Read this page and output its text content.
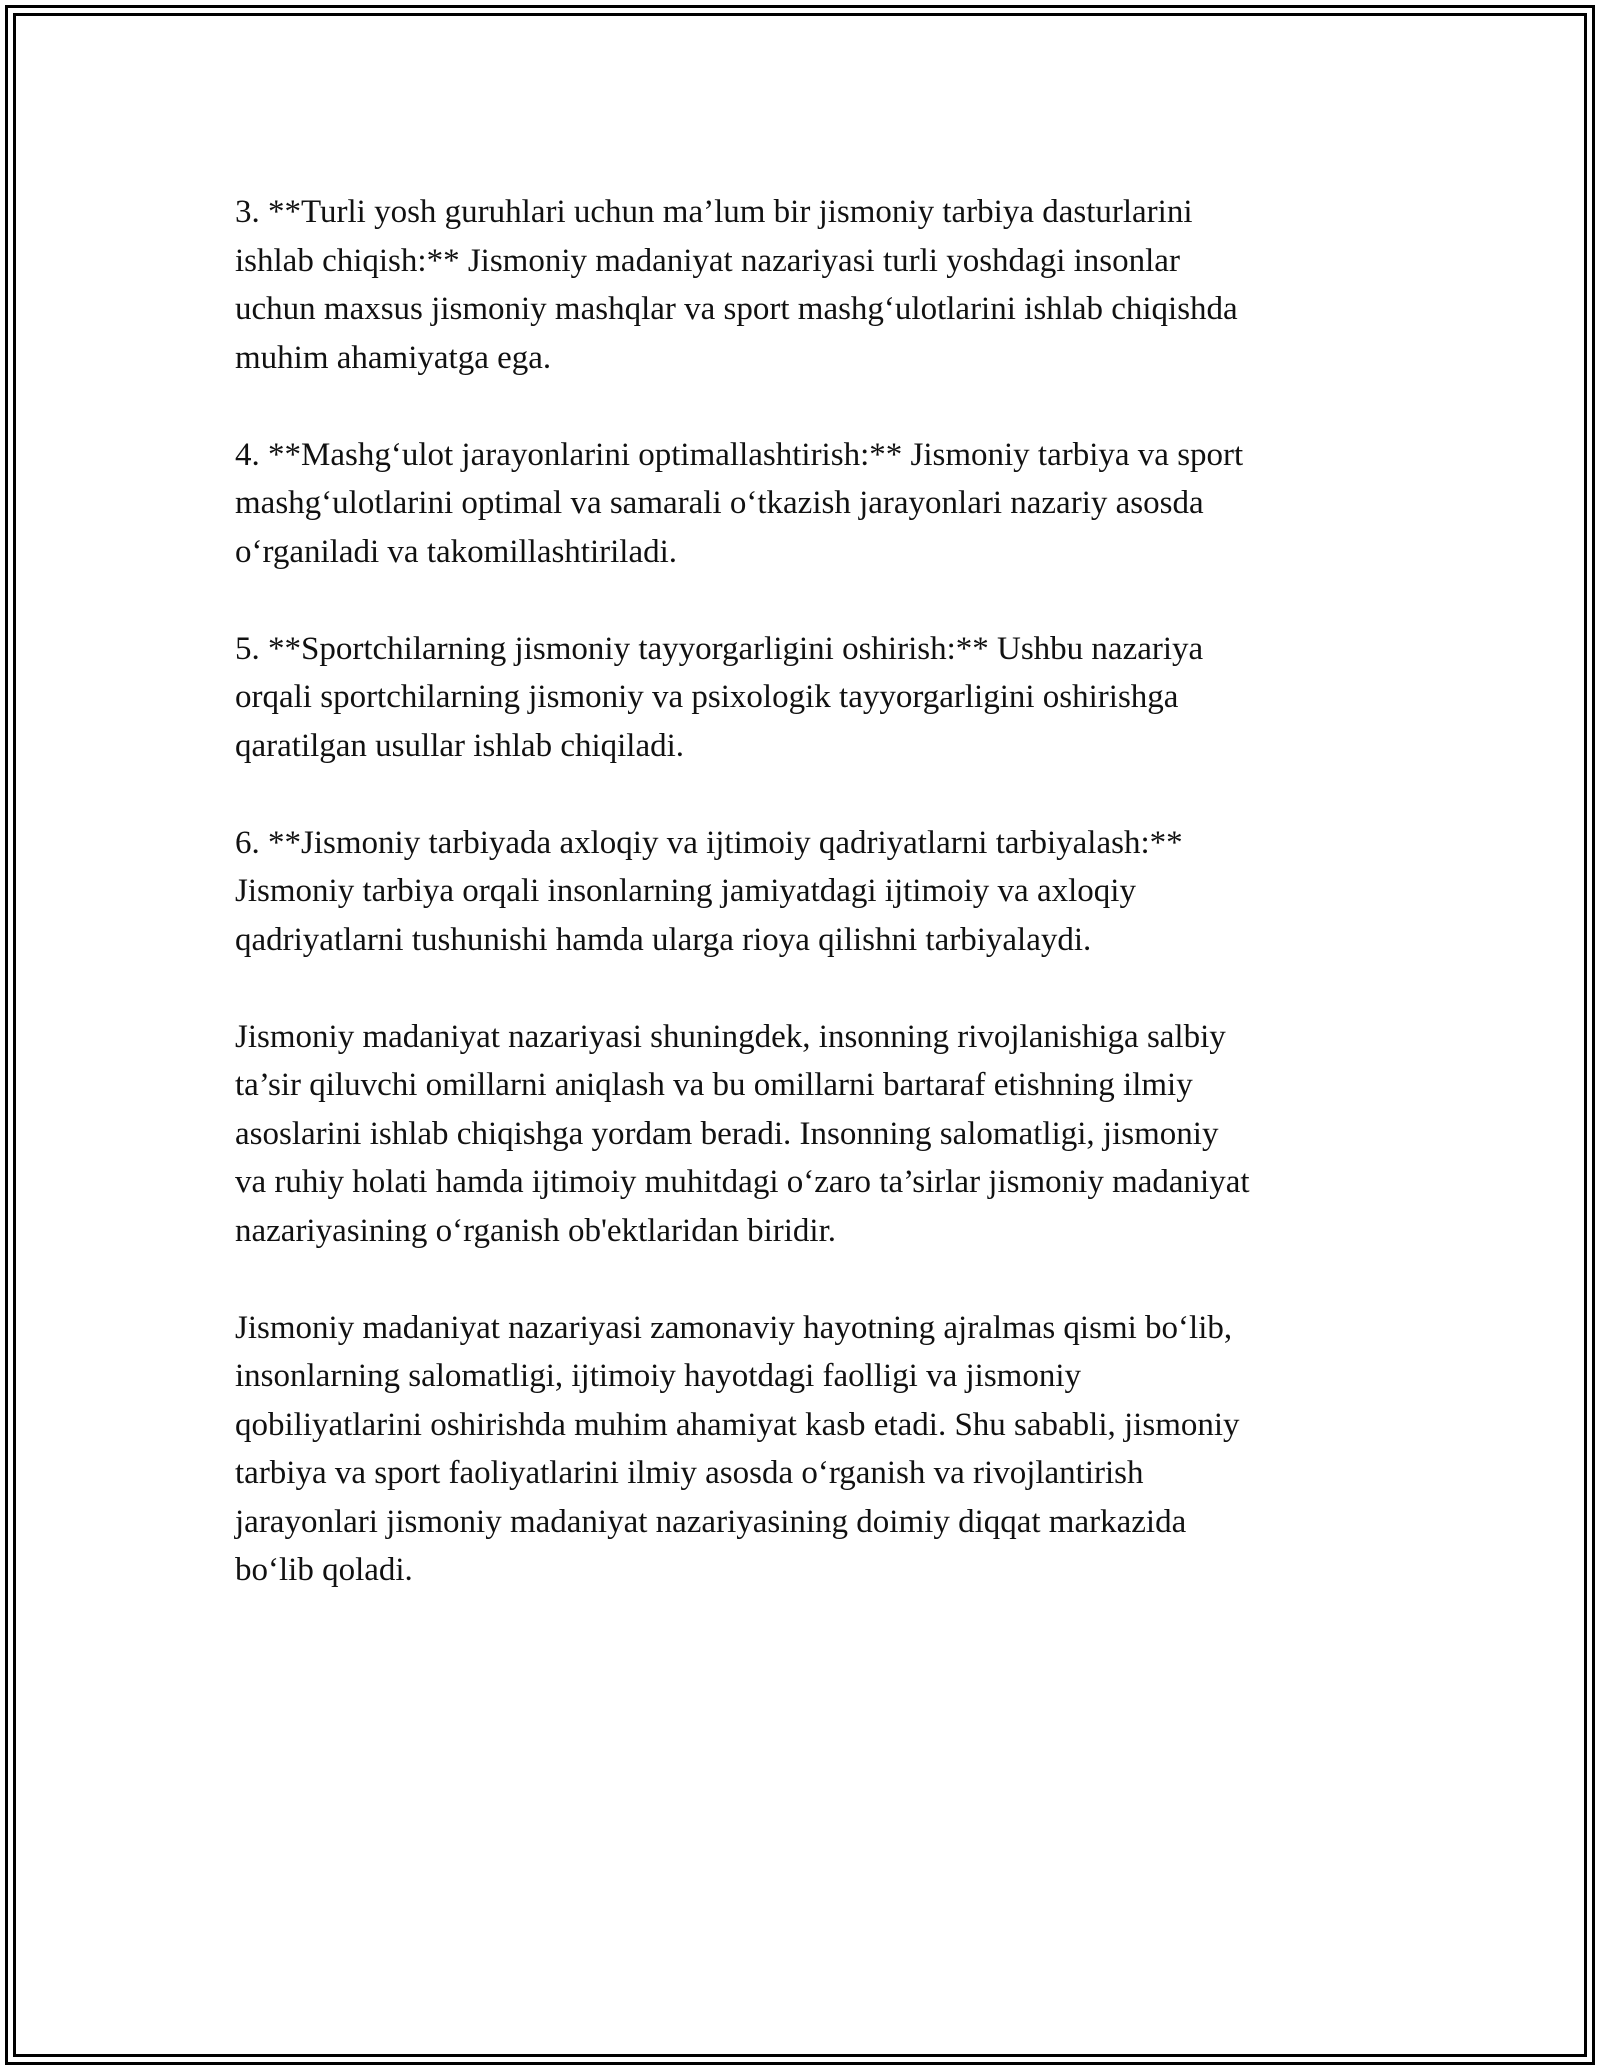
3. **Turli yosh guruhlari uchun ma’lum bir jismoniy tarbiya dasturlarini
ishlab chiqish:** Jismoniy madaniyat nazariyasi turli yoshdagi insonlar
uchun maxsus jismoniy mashqlar va sport mashg‘ulotlarini ishlab chiqishda
muhim ahamiyatga ega.

4. **Mashg‘ulot jarayonlarini optimallashtirish:** Jismoniy tarbiya va sport
mashg‘ulotlarini optimal va samarali o‘tkazish jarayonlari nazariy asosda
o‘rganiladi va takomillashtiriladi.

5. **Sportchilarning jismoniy tayyorgarligini oshirish:** Ushbu nazariya
orqali sportchilarning jismoniy va psixologik tayyorgarligini oshirishga
qaratilgan usullar ishlab chiqiladi.

6. **Jismoniy tarbiyada axloqiy va ijtimoiy qadriyatlarni tarbiyalash:**
Jismoniy tarbiya orqali insonlarning jamiyatdagi ijtimoiy va axloqiy
qadriyatlarni tushunishi hamda ularga rioya qilishni tarbiyalaydi.

Jismoniy madaniyat nazariyasi shuningdek, insonning rivojlanishiga salbiy
ta’sir qiluvchi omillarni aniqlash va bu omillarni bartaraf etishning ilmiy
asoslarini ishlab chiqishga yordam beradi. Insonning salomatligi, jismoniy
va ruhiy holati hamda ijtimoiy muhitdagi o‘zaro ta’sirlar jismoniy madaniyat
nazariyasining o‘rganish ob'ektlaridan biridir.

Jismoniy madaniyat nazariyasi zamonaviy hayotning ajralmas qismi bo‘lib,
insonlarning salomatligi, ijtimoiy hayotdagi faolligi va jismoniy
qobiliyatlarini oshirishda muhim ahamiyat kasb etadi. Shu sababli, jismoniy
tarbiya va sport faoliyatlarini ilmiy asosda o‘rganish va rivojlantirish
jarayonlari jismoniy madaniyat nazariyasining doimiy diqqat markazida
bo‘lib qoladi.
